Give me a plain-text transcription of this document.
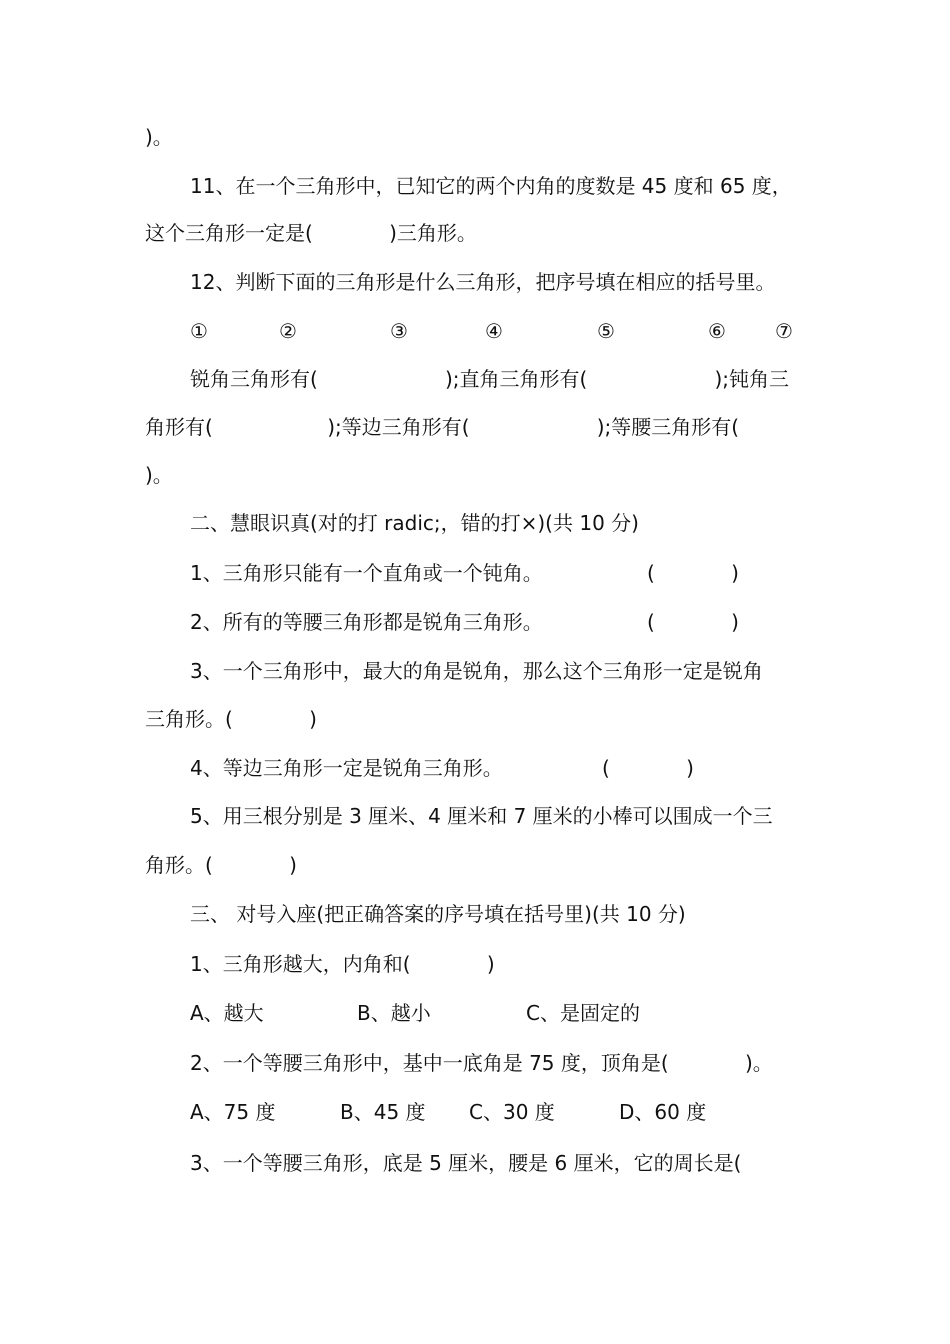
)。
11、在一个三角形中，已知它的两个内角的度数是 45 度和 65 度，
这个三角形一定是(            )三角形。
12、判断下面的三角形是什么三角形，把序号填在相应的括号里。
①	②	③	④	⑤	⑥ ⑦
锐角三角形有(                    );直角三角形有(                    );钝角三
角形有(                  );等边三角形有(                    );等腰三角形有(
)。
二、慧眼识真(对的打 radic;，错的打×)(共 10 分)
1、三角形只能有一个直角或一个钝角。	(            )
2、所有的等腰三角形都是锐角三角形。	(            )
3、一个三角形中，最大的角是锐角，那么这个三角形一定是锐角
三角形。(            )
4、等边三角形一定是锐角三角形。	(            )
5、用三根分别是 3 厘米、4 厘米和 7 厘米的小棒可以围成一个三
角形。(            )
三、 对号入座(把正确答案的序号填在括号里)(共 10 分)
1、三角形越大，内角和(            )
A、越大	B、越小	C、是固定的
2、一个等腰三角形中，基中一底角是 75 度，顶角是(            )。
A、75 度	B、45 度 C、30 度	D、60 度
3、一个等腰三角形，底是 5 厘米，腰是 6 厘米，它的周长是(
